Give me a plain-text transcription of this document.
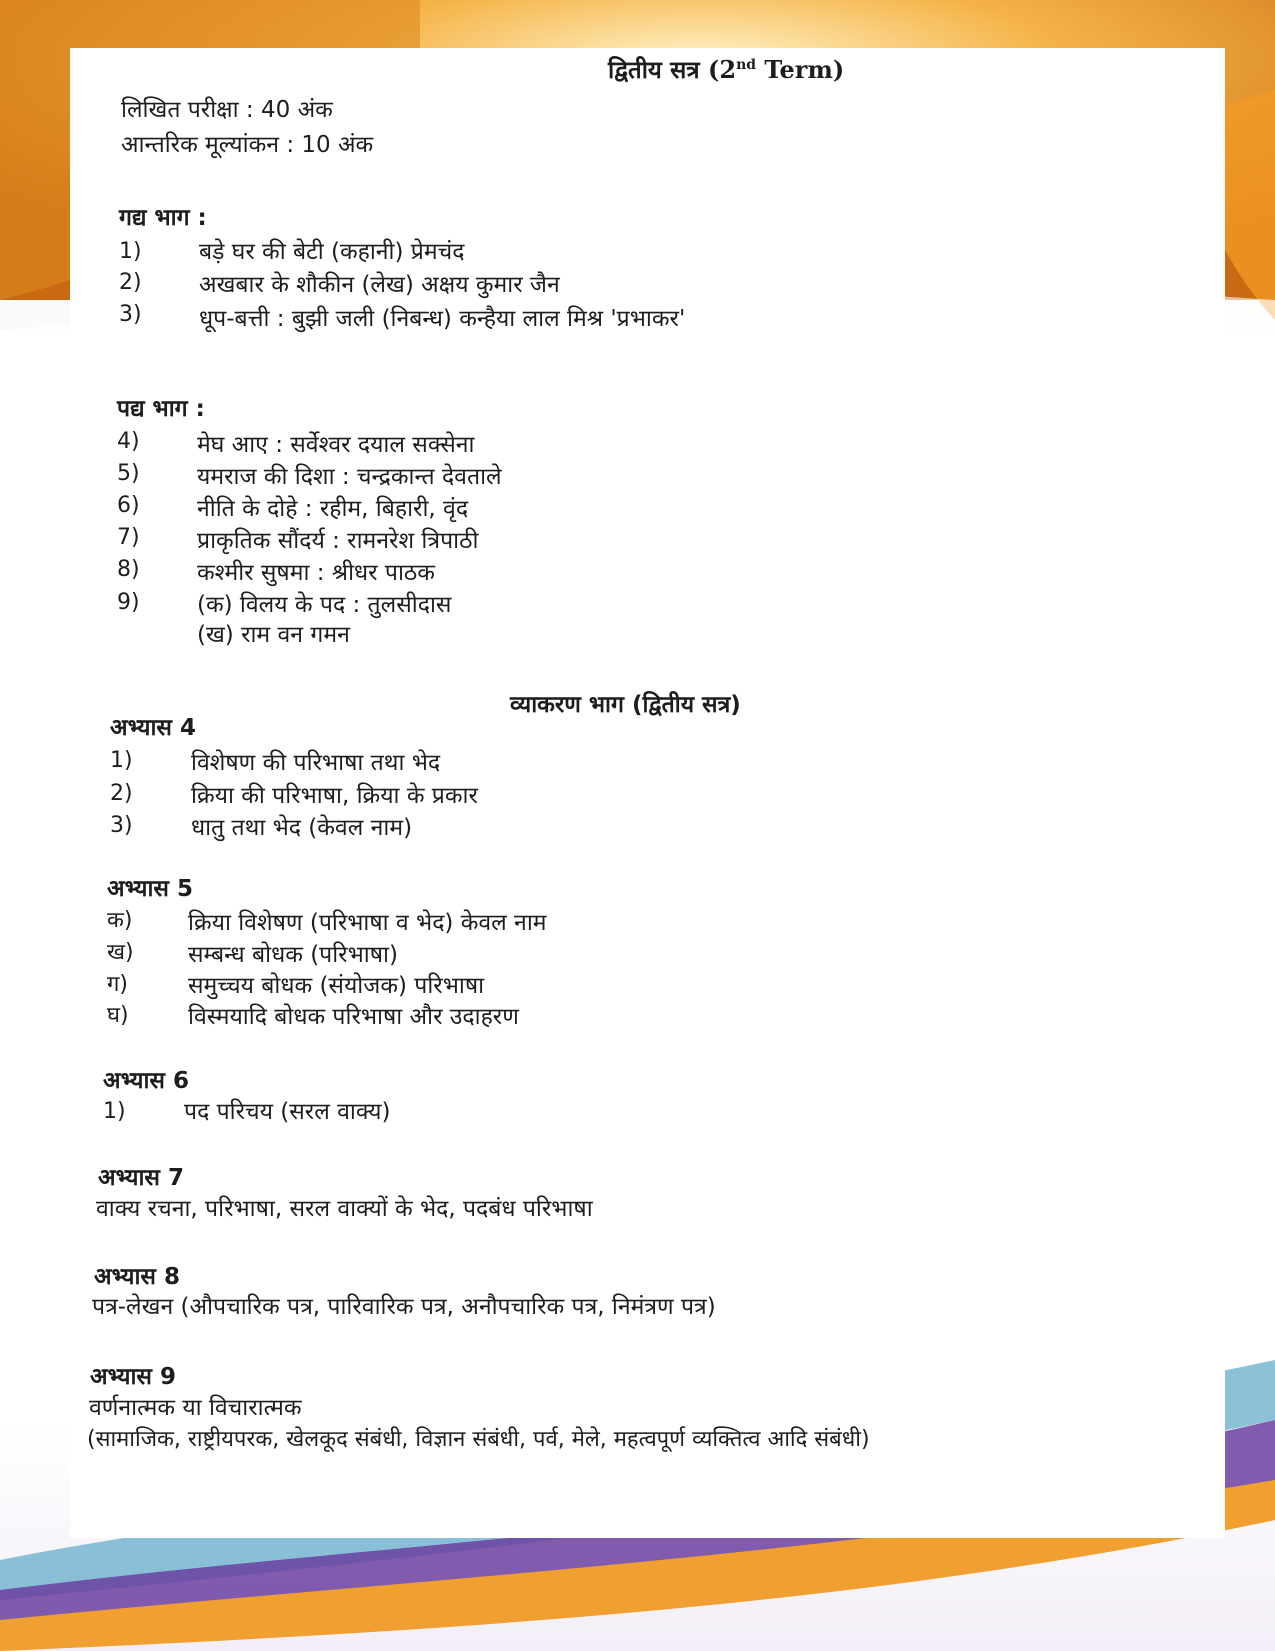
द्वितीय सत्र (2nd Term)
लिखित परीक्षा : 40 अंक
आन्तरिक मूल्यांकन : 10 अंक
गद्य भाग :
1) बड़े घर की बेटी (कहानी) प्रेमचंद
2) अखबार के शौकीन (लेख) अक्षय कुमार जैन
3) धूप-बत्ती : बुझी जली (निबन्ध) कन्हैया लाल मिश्र 'प्रभाकर'
पद्य भाग :
4) मेघ आए : सर्वेश्वर दयाल सक्सेना
5) यमराज की दिशा : चन्द्रकान्त देवताले
6) नीति के दोहे : रहीम, बिहारी, वृंद
7) प्राकृतिक सौंदर्य : रामनरेश त्रिपाठी
8) कश्मीर सुषमा : श्रीधर पाठक
9) (क) विलय के पद : तुलसीदास
(ख) राम वन गमन
व्याकरण भाग (द्वितीय सत्र)
अभ्यास 4
1)	विशेषण की परिभाषा तथा भेद
2)	क्रिया की परिभाषा, क्रिया के प्रकार
3)	धातु तथा भेद (केवल नाम)
अभ्यास 5
क) क्रिया विशेषण (परिभाषा व भेद) केवल नाम
ख) सम्बन्ध बोधक (परिभाषा)
ग)	समुच्चय बोधक (संयोजक) परिभाषा
घ)	विस्मयादि बोधक परिभाषा और उदाहरण
अभ्यास 6
1)	पद परिचय (सरल वाक्य)
अभ्यास 7
वाक्य रचना, परिभाषा, सरल वाक्यों के भेद, पदबंध परिभाषा
अभ्यास 8
पत्र-लेखन (औपचारिक पत्र, पारिवारिक पत्र, अनौपचारिक पत्र, निमंत्रण पत्र)
अभ्यास 9
वर्णनात्मक या विचारात्मक
(सामाजिक, राष्ट्रीयपरक, खेलकूद संबंधी, विज्ञान संबंधी, पर्व, मेले, महत्वपूर्ण व्यक्तित्व आदि संबंधी)
